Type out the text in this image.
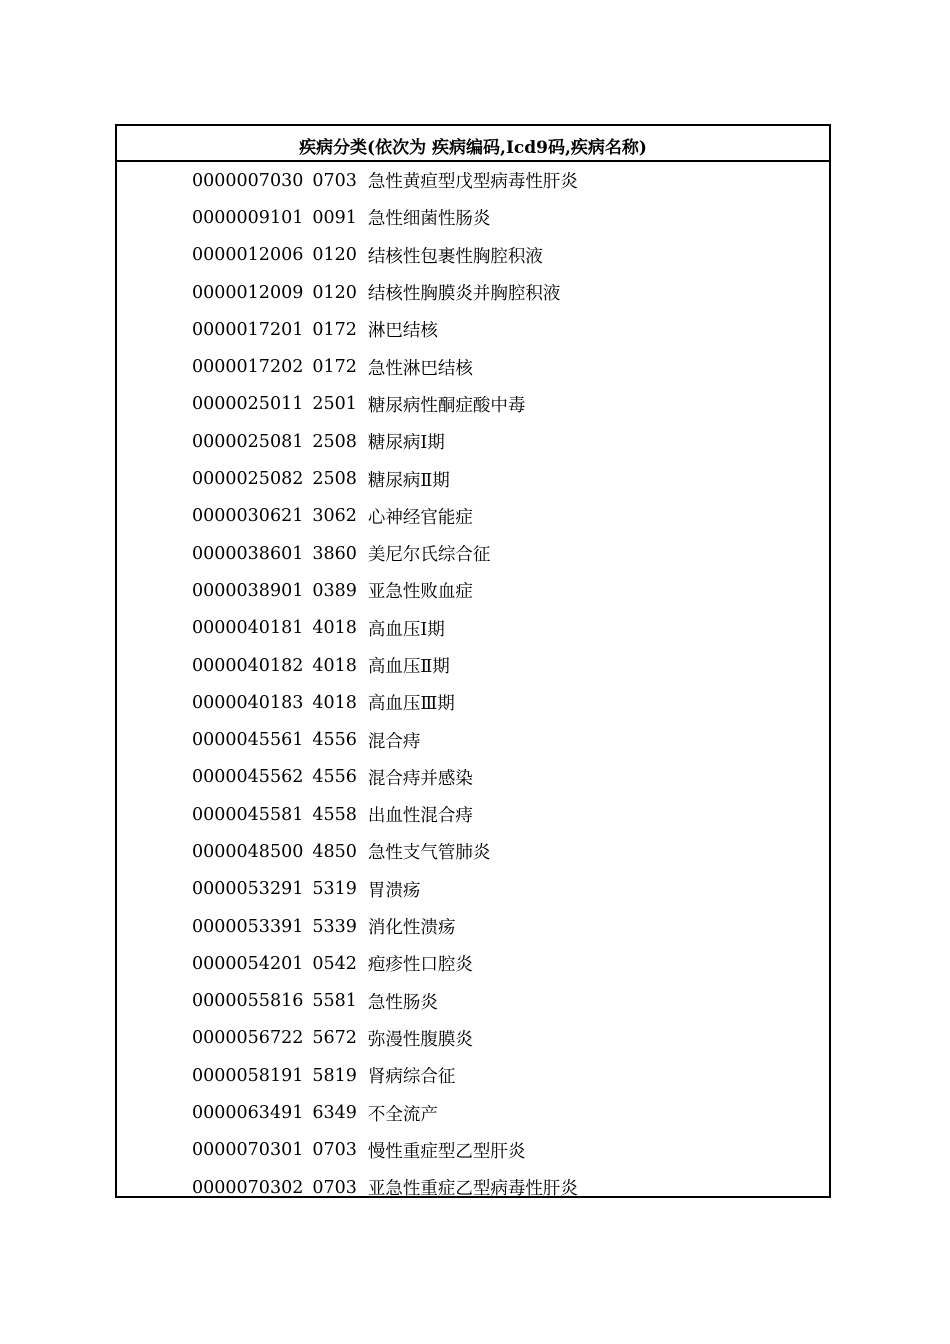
疾病分类(依次为 疾病编码,Icd9码,疾病名称)
0000007030 0703 急性黄疸型戊型病毒性肝炎
0000009101 0091 急性细菌性肠炎
0000012006 0120 结核性包裹性胸腔积液
0000012009 0120 结核性胸膜炎并胸腔积液
0000017201 0172 淋巴结核
0000017202 0172 急性淋巴结核
0000025011 2501 糖尿病性酮症酸中毒
0000025081 2508 糖尿病Ⅰ期
0000025082 2508 糖尿病Ⅱ期
0000030621 3062 心神经官能症
0000038601 3860 美尼尔氏综合征
0000038901 0389 亚急性败血症
0000040181 4018 高血压Ⅰ期
0000040182 4018 高血压Ⅱ期
0000040183 4018 高血压Ⅲ期
0000045561 4556 混合痔
0000045562 4556 混合痔并感染
0000045581 4558 出血性混合痔
0000048500 4850 急性支气管肺炎
0000053291 5319 胃溃疡
0000053391 5339 消化性溃疡
0000054201 0542 疱疹性口腔炎
0000055816 5581 急性肠炎
0000056722 5672 弥漫性腹膜炎
0000058191 5819 肾病综合征
0000063491 6349 不全流产
0000070301 0703 慢性重症型乙型肝炎
0000070302 0703 亚急性重症乙型病毒性肝炎
